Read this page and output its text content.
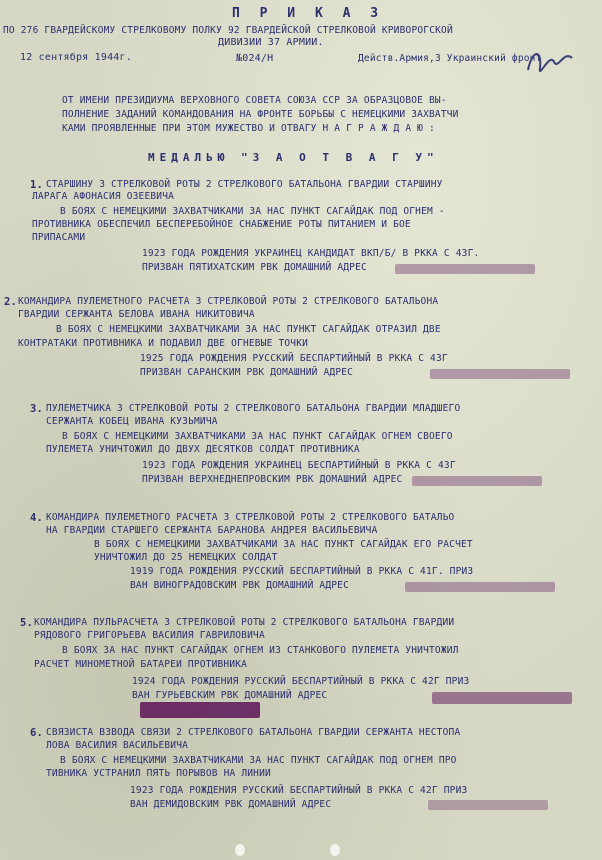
П Р И К А З
ПО 276 ГВАРДЕЙСКОМУ СТРЕЛКОВОМУ ПОЛКУ 92 ГВАРДЕЙСКОЙ СТРЕЛКОВОЙ КРИВОРОГСКОЙ
ДИВИЗИИ 37 АРМИИ.
12 сентября 1944г.	№024/Н	Действ.Армия,3 Украинский фронт
ОТ ИМЕНИ ПРЕЗИДИУМА ВЕРХОВНОГО СОВЕТА СОЮЗА ССР ЗА ОБРАЗЦОВОЕ ВЫ-
ПОЛНЕНИЕ ЗАДАНИЙ КОМАНДОВАНИЯ НА ФРОНТЕ БОРЬБЫ С НЕМЕЦКИМИ ЗАХВАТЧИ
КАМИ ПРОЯВЛЕННЫЕ ПРИ ЭТОМ МУЖЕСТВО И ОТВАГУ Н А Г Р А Ж Д А Ю :
МЕДАЛЬЮ "З А О Т В А Г У"
1. СТАРШИНУ 3 СТРЕЛКОВОЙ РОТЫ 2 СТРЕЛКОВОГО БАТАЛЬОНА ГВАРДИИ СТАРШИНУ
ЛАРАГА АФОНАСИЯ ОЗЕЕВИЧА
В БОЯХ С НЕМЕЦКИМИ ЗАХВАТЧИКАМИ ЗА НАС ПУНКТ САГАЙДАК ПОД ОГНЕМ -
ПРОТИВНИКА ОБЕСПЕЧИЛ БЕСПЕРЕБОЙНОЕ СНАБЖЕНИЕ РОТЫ ПИТАНИЕМ И БОЕ
ПРИПАСАМИ
1923 ГОДА РОЖДЕНИЯ УКРАИНЕЦ КАНДИДАТ ВКП/Б/ В РККА С 43Г.
ПРИЗВАН ПЯТИХАТСКИМ РВК ДОМАШНИЙ АДРЕС
2. КОМАНДИРА ПУЛЕМЕТНОГО РАСЧЕТА 3 СТРЕЛКОВОЙ РОТЫ 2 СТРЕЛКОВОГО БАТАЛЬОНА
ГВАРДИИ СЕРЖАНТА БЕЛОВА ИВАНА НИКИТОВИЧА
В БОЯХ С НЕМЕЦКИМИ ЗАХВАТЧИКАМИ ЗА НАС ПУНКТ САГАЙДАК ОТРАЗИЛ ДВЕ
КОНТРАТАКИ ПРОТИВНИКА И ПОДАВИЛ ДВЕ ОГНЕВЫЕ ТОЧКИ
1925 ГОДА РОЖДЕНИЯ РУССКИЙ БЕСПАРТИЙНЫЙ В РККА С 43Г
ПРИЗВАН САРАНСКИМ РВК ДОМАШНИЙ АДРЕС
3. ПУЛЕМЕТЧИКА 3 СТРЕЛКОВОЙ РОТЫ 2 СТРЕЛКОВОГО БАТАЛЬОНА ГВАРДИИ МЛАДШЕГО
СЕРЖАНТА КОБЕЦ ИВАНА КУЗЬМИЧА
В БОЯХ С НЕМЕЦКИМИ ЗАХВАТЧИКАМИ ЗА НАС ПУНКТ САГАЙДАК ОГНЕМ СВОЕГО
ПУЛЕМЕТА УНИЧТОЖИЛ ДО ДВУХ ДЕСЯТКОВ СОЛДАТ ПРОТИВНИКА
1923 ГОДА РОЖДЕНИЯ УКРАИНЕЦ БЕСПАРТИЙНЫЙ В РККА С 43Г
ПРИЗВАН ВЕРХНЕДНЕПРОВСКИМ РВК ДОМАШНИЙ АДРЕС
4. КОМАНДИРА ПУЛЕМЕТНОГО РАСЧЕТА 3 СТРЕЛКОВОЙ РОТЫ 2 СТРЕЛКОВОГО БАТАЛЬО
НА ГВАРДИИ СТАРШЕГО СЕРЖАНТА БАРАНОВА АНДРЕЯ ВАСИЛЬЕВИЧА
В БОЯХ С НЕМЕЦКИМИ ЗАХВАТЧИКАМИ ЗА НАС ПУНКТ САГАЙДАК ЕГО РАСЧЕТ
УНИЧТОЖИЛ ДО 25 НЕМЕЦКИХ СОЛДАТ
1919 ГОДА РОЖДЕНИЯ РУССКИЙ БЕСПАРТИЙНЫЙ В РККА С 41Г. ПРИЗ
ВАН ВИНОГРАДОВСКИМ РВК ДОМАШНИЙ АДРЕС
5. КОМАНДИРА ПУЛЬРАСЧЕТА 3 СТРЕЛКОВОЙ РОТЫ 2 СТРЕЛКОВОГО БАТАЛЬОНА ГВАРДИИ
РЯДОВОГО ГРИГОРЬЕВА ВАСИЛИЯ ГАВРИЛОВИЧА
В БОЯХ ЗА НАС ПУНКТ САГАЙДАК ОГНЕМ ИЗ СТАНКОВОГО ПУЛЕМЕТА УНИЧТОЖИЛ
РАСЧЕТ МИНОМЕТНОЙ БАТАРЕИ ПРОТИВНИКА
1924 ГОДА РОЖДЕНИЯ РУССКИЙ БЕСПАРТИЙНЫЙ В РККА С 42Г ПРИЗ
ВАН ГУРЬЕВСКИМ РВК ДОМАШНИЙ АДРЕС
6. СВЯЗИСТА ВЗВОДА СВЯЗИ 2 СТРЕЛКОВОГО БАТАЛЬОНА ГВАРДИИ СЕРЖАНТА НЕСТОПА
ЛОВА ВАСИЛИЯ ВАСИЛЬЕВИЧА
В БОЯХ С НЕМЕЦКИМИ ЗАХВАТЧИКАМИ ЗА НАС ПУНКТ САГАЙДАК ПОД ОГНЕМ ПРО
ТИВНИКА УСТРАНИЛ ПЯТЬ ПОРЫВОВ НА ЛИНИИ
1923 ГОДА РОЖДЕНИЯ РУССКИЙ БЕСПАРТИЙНЫЙ В РККА С 42Г ПРИЗ
ВАН ДЕМИДОВСКИМ РВК ДОМАШНИЙ АДРЕС
